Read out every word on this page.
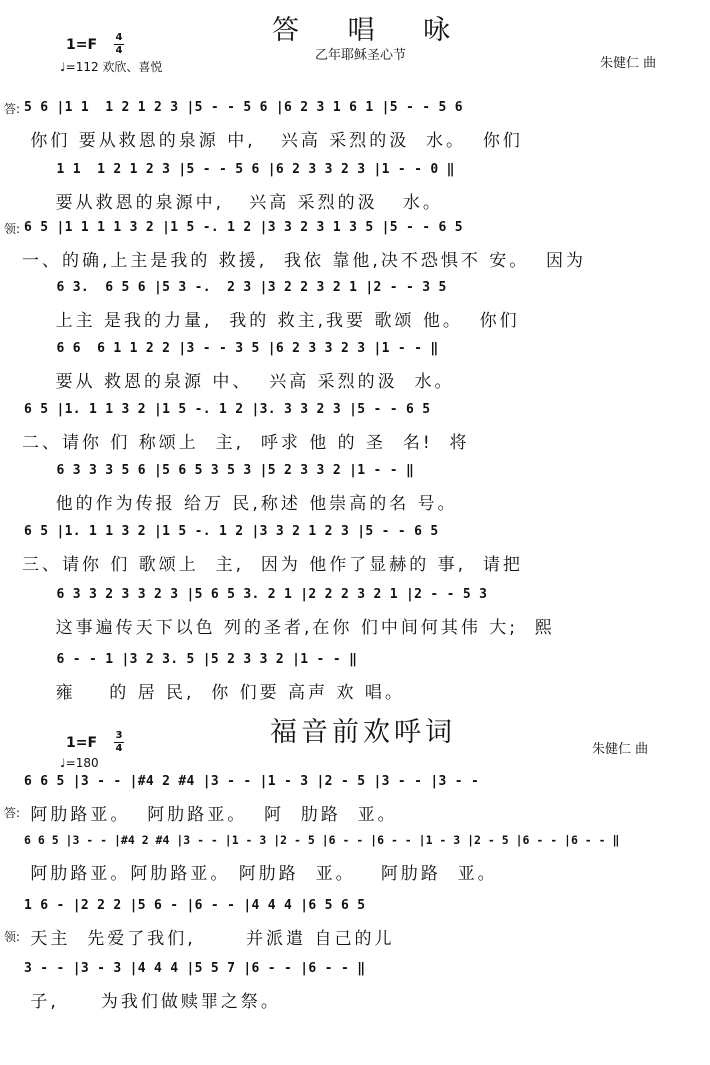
答 唱 咏
1=F 4
4
♩=112 欢欣、喜悦
乙年耶稣圣心节
朱健仁 曲
答: 5 6 |1 1  1 2 1 2 3 |5 - - 5 6 |6 2 3 1 6 1 |5 - - 5 6
你们 要从救恩的泉源 中,   兴高 采烈的汲  水。  你们
1 1  1 2 1 2 3 |5 - - 5 6 |6 2 3 3 2 3 |1 - - 0 ‖
要从救恩的泉源中,   兴高 采烈的汲   水。
领: 6 5 |1 1 1 1 3 2 |1 5 -. 1 2 |3 3 2 3 1 3 5 |5 - - 6 5
一、的确,上主是我的 救援,  我依 靠他,决不恐惧不 安。  因为
6 3.  6 5 6 |5 3 -.  2 3 |3 2 2 3 2 1 |2 - - 3 5
上主 是我的力量,  我的 救主,我要 歌颂 他。  你们
6 6  6 1 1 2 2 |3 - - 3 5 |6 2 3 3 2 3 |1 - - ‖
要从 救恩的泉源 中、  兴高 采烈的汲  水。
6 5 |1. 1 1 3 2 |1 5 -. 1 2 |3. 3 3 2 3 |5 - - 6 5
二、请你 们 称颂上  主,  呼求 他 的 圣  名!  将
6 3 3 3 5 6 |5 6 5 3 5 3 |5 2 3 3 2 |1 - - ‖
他的作为传报 给万 民,称述 他崇高的名 号。
6 5 |1. 1 1 3 2 |1 5 -. 1 2 |3 3 2 1 2 3 |5 - - 6 5
三、请你 们 歌颂上  主,  因为 他作了显赫的 事,  请把
6 3 3 2 3 3 2 3 |5 6 5 3. 2 1 |2 2 2 3 2 1 |2 - - 5 3
这事遍传天下以色 列的圣者,在你 们中间何其伟 大;  熙
6 - - 1 |3 2 3. 5 |5 2 3 3 2 |1 - - ‖
雍    的 居 民,  你 们要 高声 欢 唱。
福音前欢呼词
1=F 3
4
♩=180
朱健仁 曲
6 6 5 |3 - - |#4 2 #4 |3 - - |1 - 3 |2 - 5 |3 - - |3 - -
答: 阿肋路亚。  阿肋路亚。  阿  肋路  亚。
6 6 5 |3 - - |#4 2 #4 |3 - - |1 - 3 |2 - 5 |6 - - |6 - - |1 - 3 |2 - 5 |6 - - |6 - - ‖
阿肋路亚。阿肋路亚。 阿肋路  亚。   阿肋路  亚。
1 6 - |2 2 2 |5 6 - |6 - - |4 4 4 |6 5 6 5
领: 天主  先爱了我们,      并派遣 自己的儿
3 - - |3 - 3 |4 4 4 |5 5 7 |6 - - |6 - - ‖
子,     为我们做赎罪之祭。
